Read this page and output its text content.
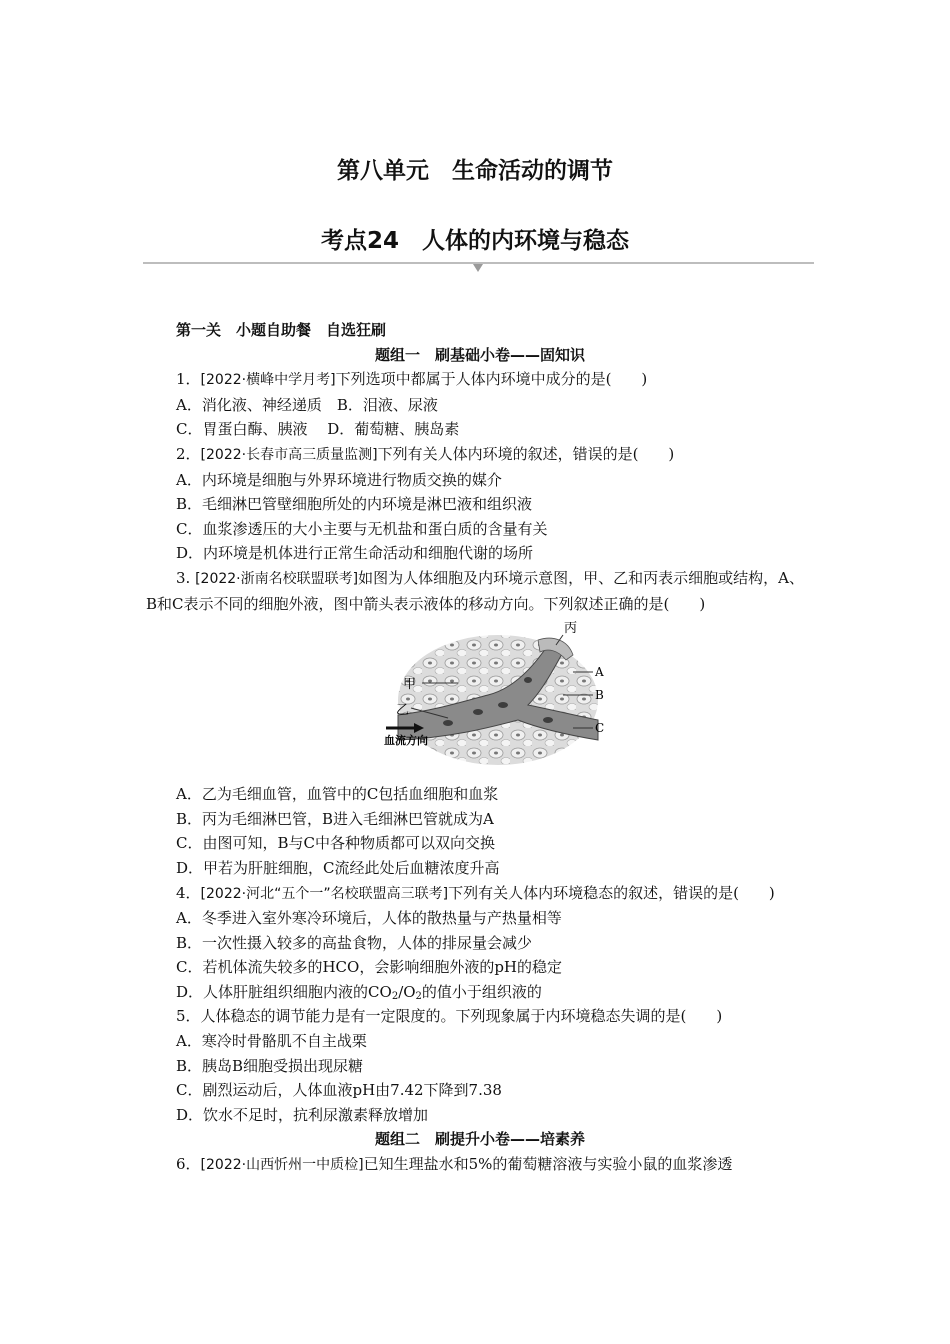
第八单元　生命活动的调节
考点24　人体的内环境与稳态
第一关　小题自助餐　自选狂刷
题组一　刷基础小卷——固知识
1．[2022·横峰中学月考]下列选项中都属于人体内环境中成分的是(　　)
A．消化液、神经递质　B．泪液、尿液
C．胃蛋白酶、胰液　 D．葡萄糖、胰岛素
2．[2022·长春市高三质量监测]下列有关人体内环境的叙述，错误的是(　　)
A．内环境是细胞与外界环境进行物质交换的媒介
B．毛细淋巴管壁细胞所处的内环境是淋巴液和组织液
C．血浆渗透压的大小主要与无机盐和蛋白质的含量有关
D．内环境是机体进行正常生命活动和细胞代谢的场所
3. [2022·浙南名校联盟联考]如图为人体细胞及内环境示意图，甲、乙和丙表示细胞或结构，A、B和C表示不同的细胞外液，图中箭头表示液体的移动方向。下列叙述正确的是(　　)
丙
甲
乙
A
B
C
血流方向
A．乙为毛细血管，血管中的C包括血细胞和血浆
B．丙为毛细淋巴管，B进入毛细淋巴管就成为A
C．由图可知，B与C中各种物质都可以双向交换
D．甲若为肝脏细胞，C流经此处后血糖浓度升高
4．[2022·河北“五个一”名校联盟高三联考]下列有关人体内环境稳态的叙述，错误的是(　　)
A．冬季进入室外寒冷环境后，人体的散热量与产热量相等
B．一次性摄入较多的高盐食物，人体的排尿量会减少
C．若机体流失较多的HCO，会影响细胞外液的pH的稳定
D．人体肝脏组织细胞内液的$CO_2/O_2$的值小于组织液的
5．人体稳态的调节能力是有一定限度的。下列现象属于内环境稳态失调的是(　　)
A．寒冷时骨骼肌不自主战栗
B．胰岛B细胞受损出现尿糖
C．剧烈运动后，人体血液pH由7.42下降到7.38
D．饮水不足时，抗利尿激素释放增加
题组二　刷提升小卷——培素养
6．[2022·山西忻州一中质检]已知生理盐水和5%的葡萄糖溶液与实验小鼠的血浆渗透
